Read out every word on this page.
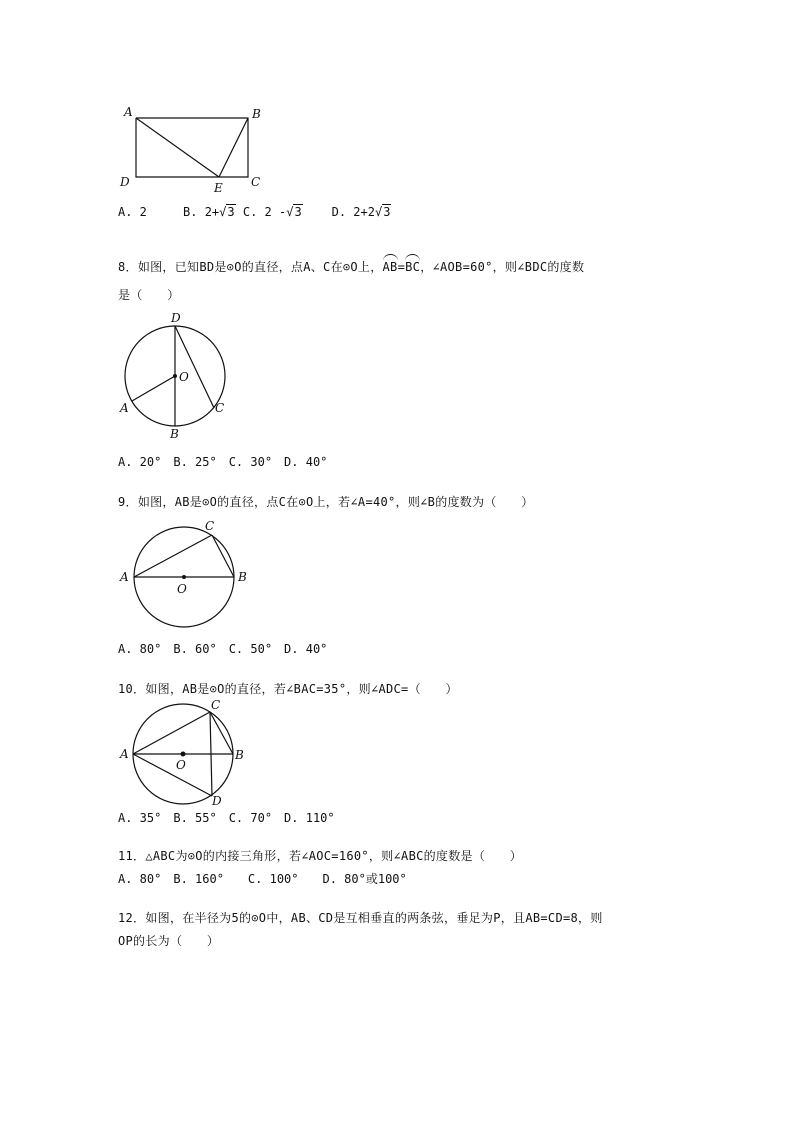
A	B
C
D	E
A. 2	B. 2+√3 C. 2 -√3 D. 2+2√3
8．如图，已知BD是⊙O的直径，点A、C在⊙O上，AB=BC，∠AOB=60°，则∠BDC的度数
是（　　）
D
O
A	C
B
A. 20°　B. 25°　C. 30°　D. 40°
9．如图，AB是⊙O的直径，点C在⊙O上，若∠A=40°，则∠B的度数为（　　）
A	B
C
O
A. 80°　B. 60°　C. 50°　D. 40°
10．如图，AB是⊙O的直径，若∠BAC=35°，则∠ADC=（　　）
A	B
C
D
O
A. 35°　B. 55°　C. 70°　D. 110°
11．△ABC为⊙O的内接三角形，若∠AOC=160°，则∠ABC的度数是（　　）
A. 80°　B. 160°　　C. 100°　　D. 80°或100°
12．如图，在半径为5的⊙O中，AB、CD是互相垂直的两条弦，垂足为P，且AB=CD=8，则
OP的长为（　　）
